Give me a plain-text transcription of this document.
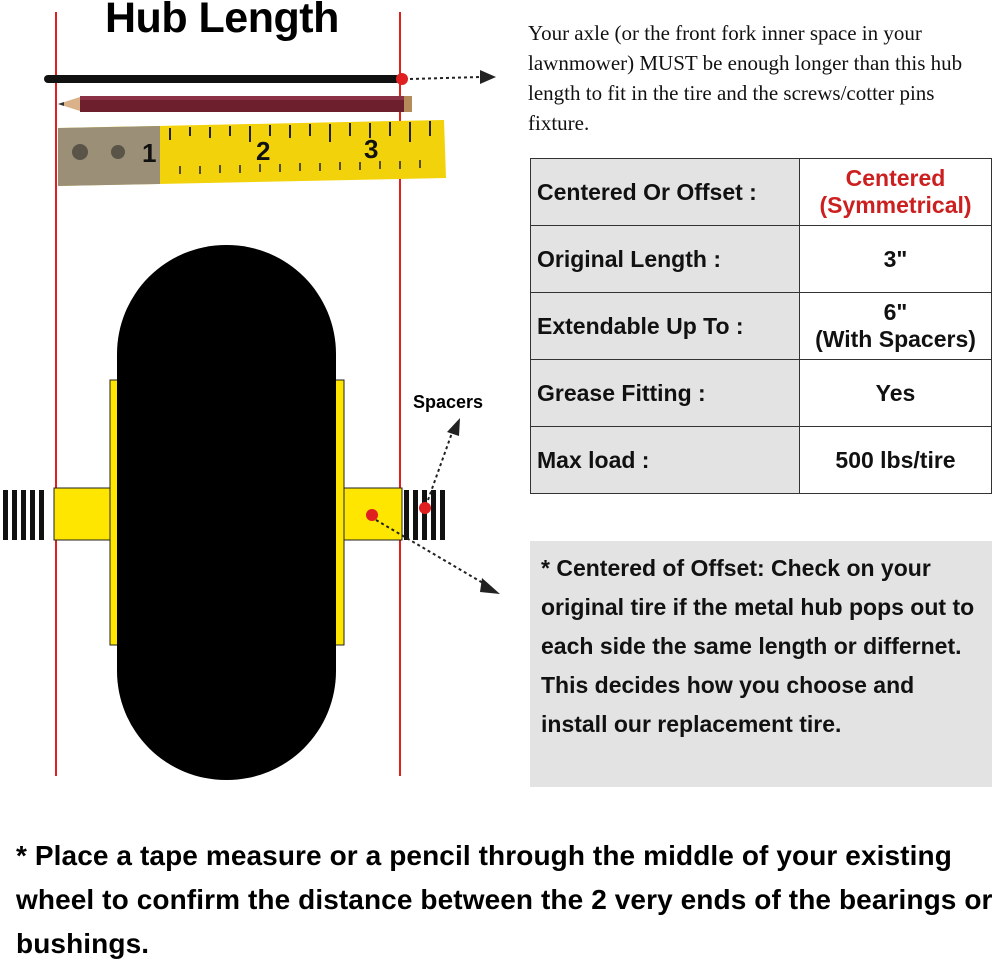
1	2	3
Hub Length
Spacers
Your axle (or the front fork inner space in your lawnmower) MUST be enough longer than this hub length to fit in the tire and the screws/cotter pins fixture.
Centered Or Offset :	Centered
(Symmetrical)

Original Length :	3"

Extendable Up To :	6"
(With Spacers)

Grease Fitting :	Yes

Max load :	500 lbs/tire
* Centered of Offset: Check on your original tire if the metal hub pops out to each side the same length or differnet. This decides how you choose and install our replacement tire.
* Place a tape measure or a pencil through the middle of your existing wheel to confirm the distance between the 2 very ends of the bearings or bushings.
